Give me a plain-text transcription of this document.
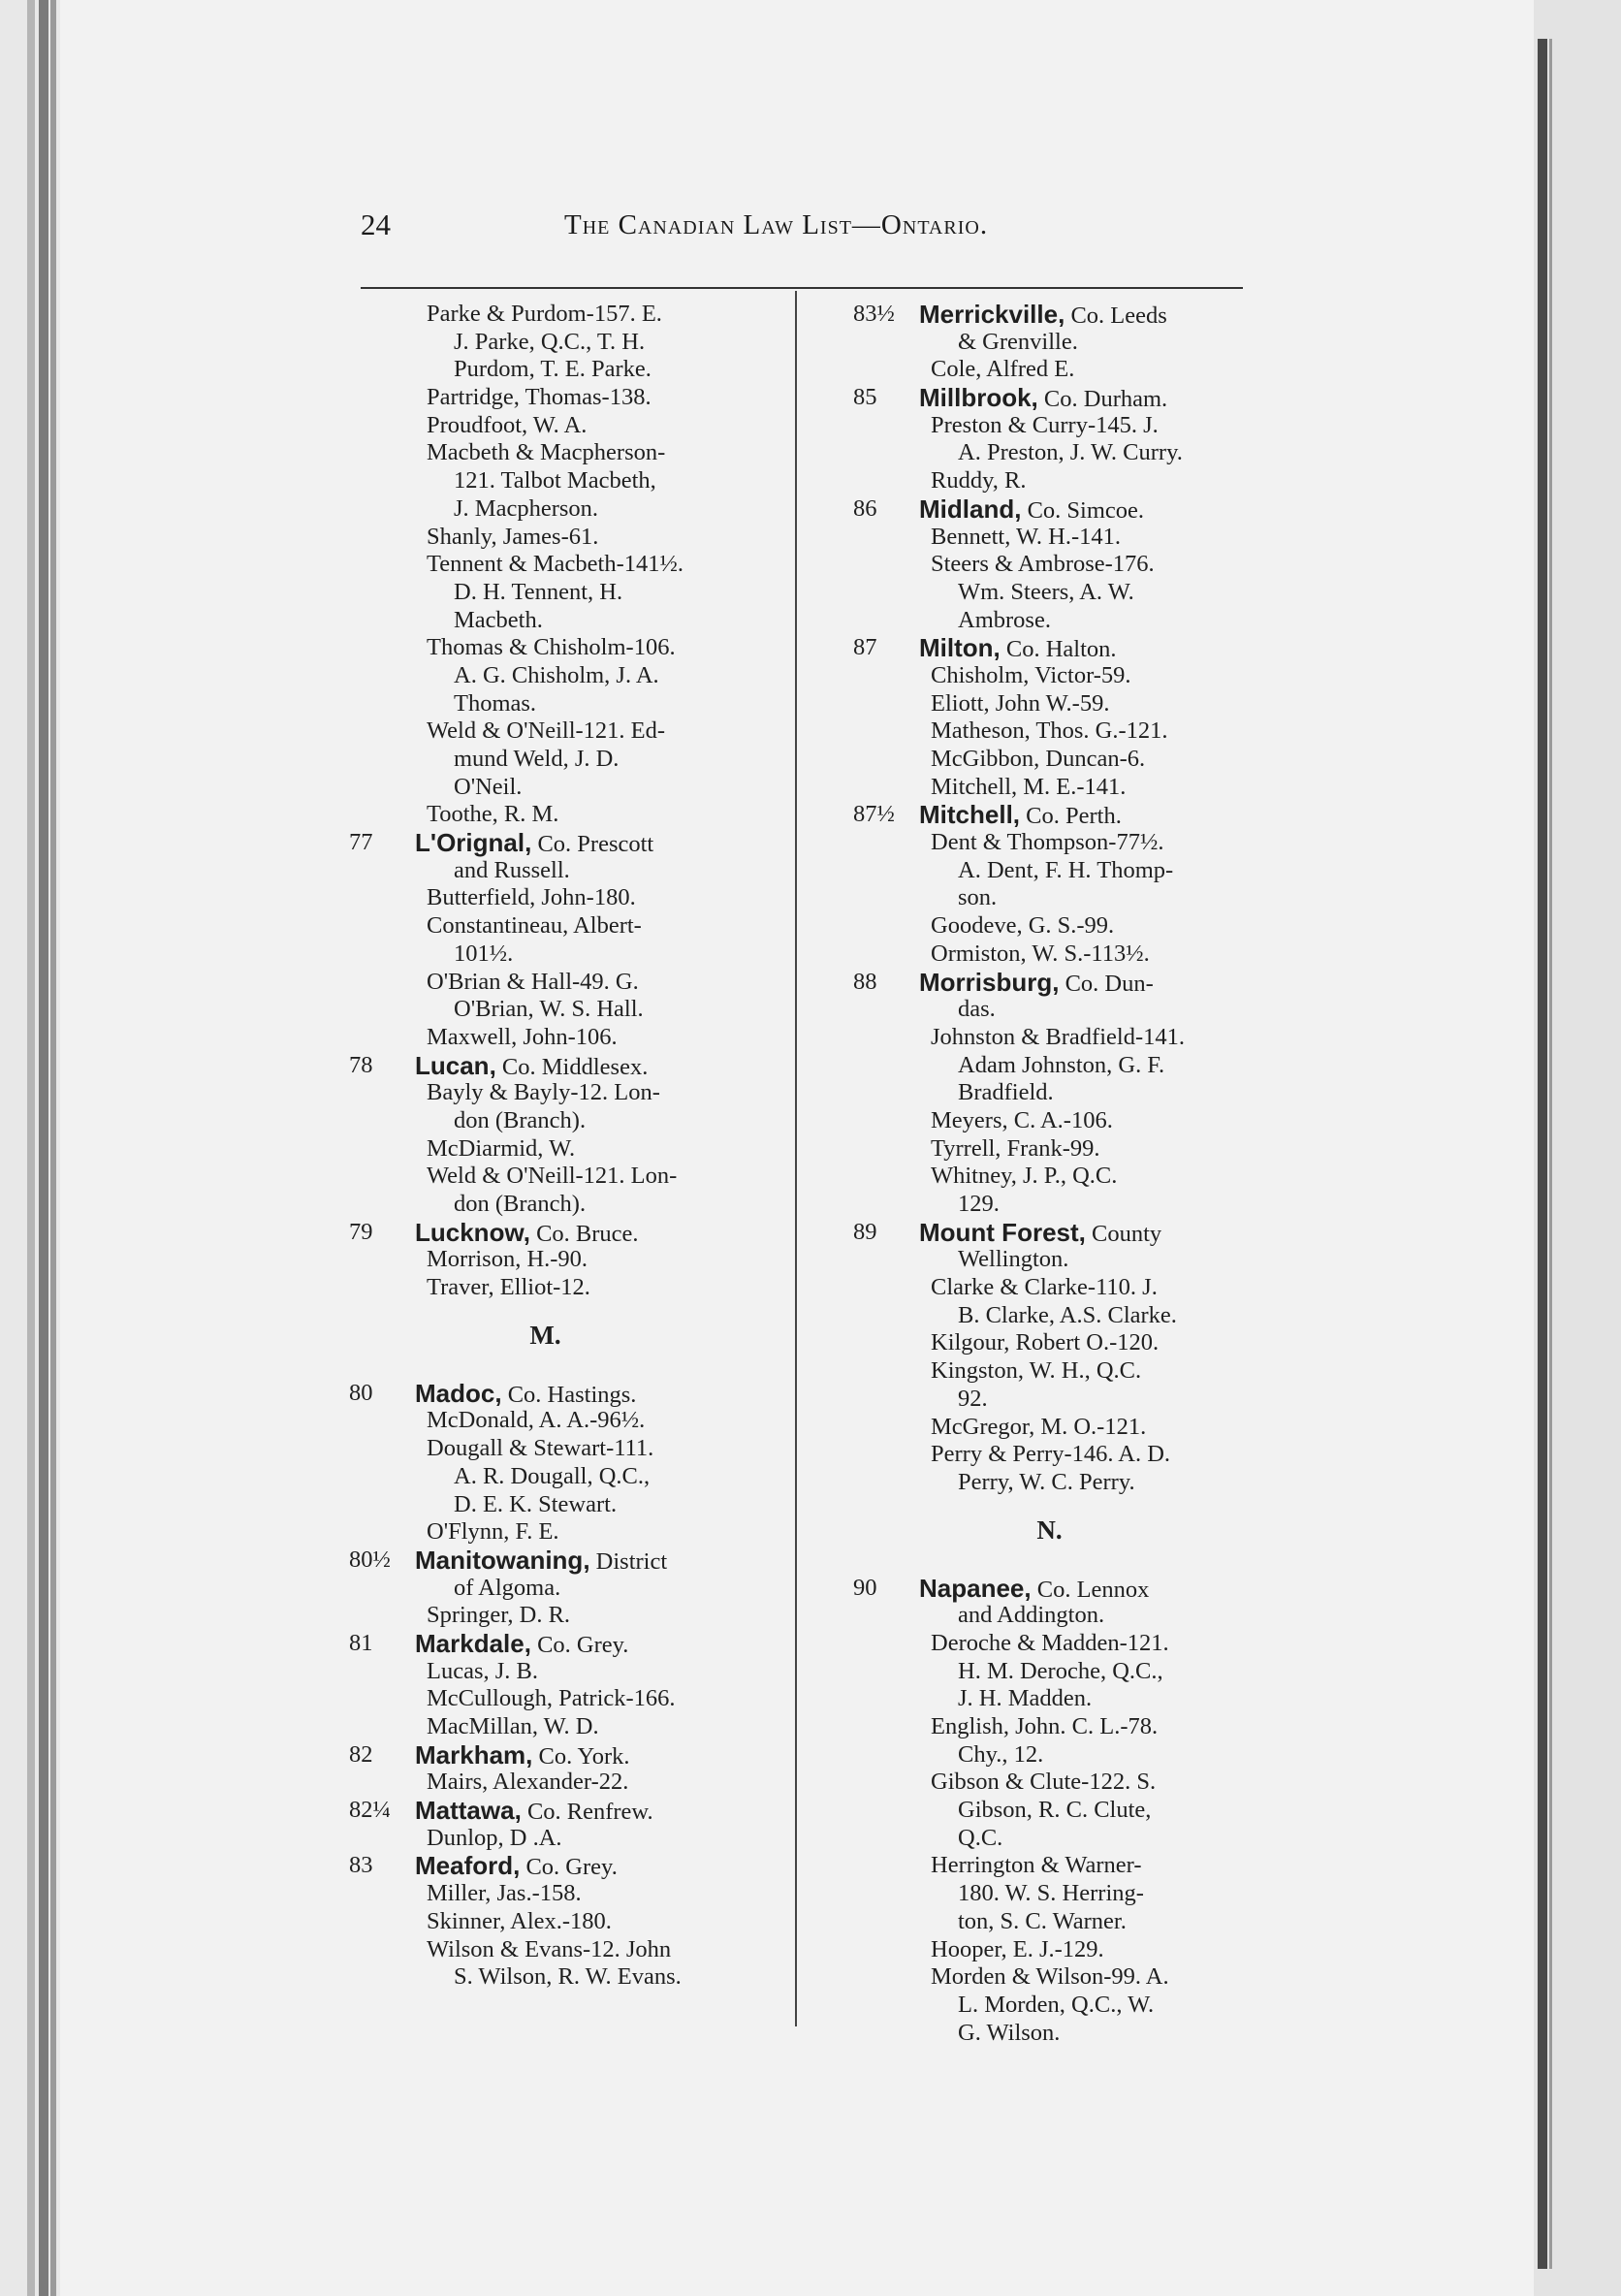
24	The Canadian Law List—Ontario.
Parke & Purdom-157. E.
J. Parke, Q.C., T. H.
Purdom, T. E. Parke.
Partridge, Thomas-138.
Proudfoot, W. A.
Macbeth & Macpherson-
121. Talbot Macbeth,
J. Macpherson.
Shanly, James-61.
Tennent & Macbeth-141½.
D. H. Tennent, H.
Macbeth.
Thomas & Chisholm-106.
A. G. Chisholm, J. A.
Thomas.
Weld & O'Neill-121. Ed-
mund Weld, J. D.
O'Neil.
Toothe, R. M.
77 L'Orignal, Co. Prescott
and Russell.
Butterfield, John-180.
Constantineau, Albert-
101½.
O'Brian & Hall-49. G.
O'Brian, W. S. Hall.
Maxwell, John-106.
78 Lucan, Co. Middlesex.
Bayly & Bayly-12. Lon-
don (Branch).
McDiarmid, W.
Weld & O'Neill-121. Lon-
don (Branch).
79 Lucknow, Co. Bruce.
Morrison, H.-90.
Traver, Elliot-12.
M.
80 Madoc, Co. Hastings.
McDonald, A. A.-96½.
Dougall & Stewart-111.
A. R. Dougall, Q.C.,
D. E. K. Stewart.
O'Flynn, F. E.
80½ Manitowaning, District
of Algoma.
Springer, D. R.
81 Markdale, Co. Grey.
Lucas, J. B.
McCullough, Patrick-166.
MacMillan, W. D.
82 Markham, Co. York.
Mairs, Alexander-22.
82¼ Mattawa, Co. Renfrew.
Dunlop, D .A.
83 Meaford, Co. Grey.
Miller, Jas.-158.
Skinner, Alex.-180.
Wilson & Evans-12. John
S. Wilson, R. W. Evans.
83½ Merrickville, Co. Leeds
& Grenville.
Cole, Alfred E.
85 Millbrook, Co. Durham.
Preston & Curry-145. J.
A. Preston, J. W. Curry.
Ruddy, R.
86 Midland, Co. Simcoe.
Bennett, W. H.-141.
Steers & Ambrose-176.
Wm. Steers, A. W.
Ambrose.
87 Milton, Co. Halton.
Chisholm, Victor-59.
Eliott, John W.-59.
Matheson, Thos. G.-121.
McGibbon, Duncan-6.
Mitchell, M. E.-141.
87½ Mitchell, Co. Perth.
Dent & Thompson-77½.
A. Dent, F. H. Thomp-
son.
Goodeve, G. S.-99.
Ormiston, W. S.-113½.
88 Morrisburg, Co. Dun-
das.
Johnston & Bradfield-141.
Adam Johnston, G. F.
Bradfield.
Meyers, C. A.-106.
Tyrrell, Frank-99.
Whitney, J. P., Q.C.
129.
89 Mount Forest, County
Wellington.
Clarke & Clarke-110. J.
B. Clarke, A.S. Clarke.
Kilgour, Robert O.-120.
Kingston, W. H., Q.C.
92.
McGregor, M. O.-121.
Perry & Perry-146. A. D.
Perry, W. C. Perry.
N.
90 Napanee, Co. Lennox
and Addington.
Deroche & Madden-121.
H. M. Deroche, Q.C.,
J. H. Madden.
English, John. C. L.-78.
Chy., 12.
Gibson & Clute-122. S.
Gibson, R. C. Clute,
Q.C.
Herrington & Warner-
180. W. S. Herring-
ton, S. C. Warner.
Hooper, E. J.-129.
Morden & Wilson-99. A.
L. Morden, Q.C., W.
G. Wilson.
